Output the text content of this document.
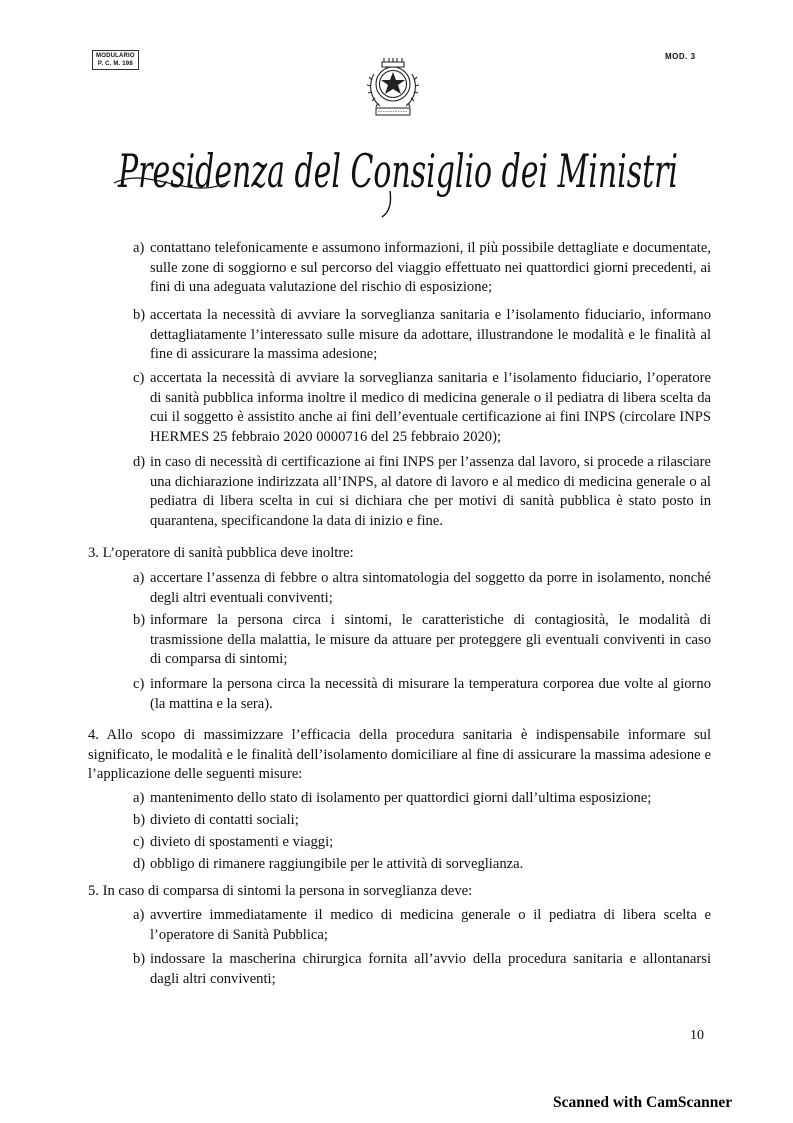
MODULARIO
P. C. M. 198
MOD. 3
Presidenza del Consiglio dei Ministri
a) contattano telefonicamente e assumono informazioni, il più possibile dettagliate e documentate, sulle zone di soggiorno e sul percorso del viaggio effettuato nei quattordici giorni precedenti, ai fini di una adeguata valutazione del rischio di esposizione;
b) accertata la necessità di avviare la sorveglianza sanitaria e l’isolamento fiduciario, informano dettagliatamente l’interessato sulle misure da adottare, illustrandone le modalità e le finalità al fine di assicurare la massima adesione;
c) accertata la necessità di avviare la sorveglianza sanitaria e l’isolamento fiduciario, l’operatore di sanità pubblica informa inoltre il medico di medicina generale o il pediatra di libera scelta da cui il soggetto è assistito anche ai fini dell’eventuale certificazione ai fini INPS (circolare INPS HERMES 25 febbraio 2020 0000716 del 25 febbraio 2020);
d) in caso di necessità di certificazione ai fini INPS per l’assenza dal lavoro, si procede a rilasciare una dichiarazione indirizzata all’INPS, al datore di lavoro e al medico di medicina generale o al pediatra di libera scelta in cui si dichiara che per motivi di sanità pubblica è stato posto in quarantena, specificandone la data di inizio e fine.
3. L’operatore di sanità pubblica deve inoltre:
a) accertare l’assenza di febbre o altra sintomatologia del soggetto da porre in isolamento, nonché degli altri eventuali conviventi;
b) informare la persona circa i sintomi, le caratteristiche di contagiosità, le modalità di trasmissione della malattia, le misure da attuare per proteggere gli eventuali conviventi in caso di comparsa di sintomi;
c) informare la persona circa la necessità di misurare la temperatura corporea due volte al giorno (la mattina e la sera).
4. Allo scopo di massimizzare l’efficacia della procedura sanitaria è indispensabile informare sul significato, le modalità e le finalità dell’isolamento domiciliare al fine di assicurare la massima adesione e l’applicazione delle seguenti misure:
a) mantenimento dello stato di isolamento per quattordici giorni dall’ultima esposizione;
b) divieto di contatti sociali;
c) divieto di spostamenti e viaggi;
d) obbligo di rimanere raggiungibile per le attività di sorveglianza.
5. In caso di comparsa di sintomi la persona in sorveglianza deve:
a) avvertire immediatamente il medico di medicina generale o il pediatra di libera scelta e l’operatore di Sanità Pubblica;
b) indossare la mascherina chirurgica fornita all’avvio della procedura sanitaria e allontanarsi dagli altri conviventi;
10
Scanned with CamScanner
